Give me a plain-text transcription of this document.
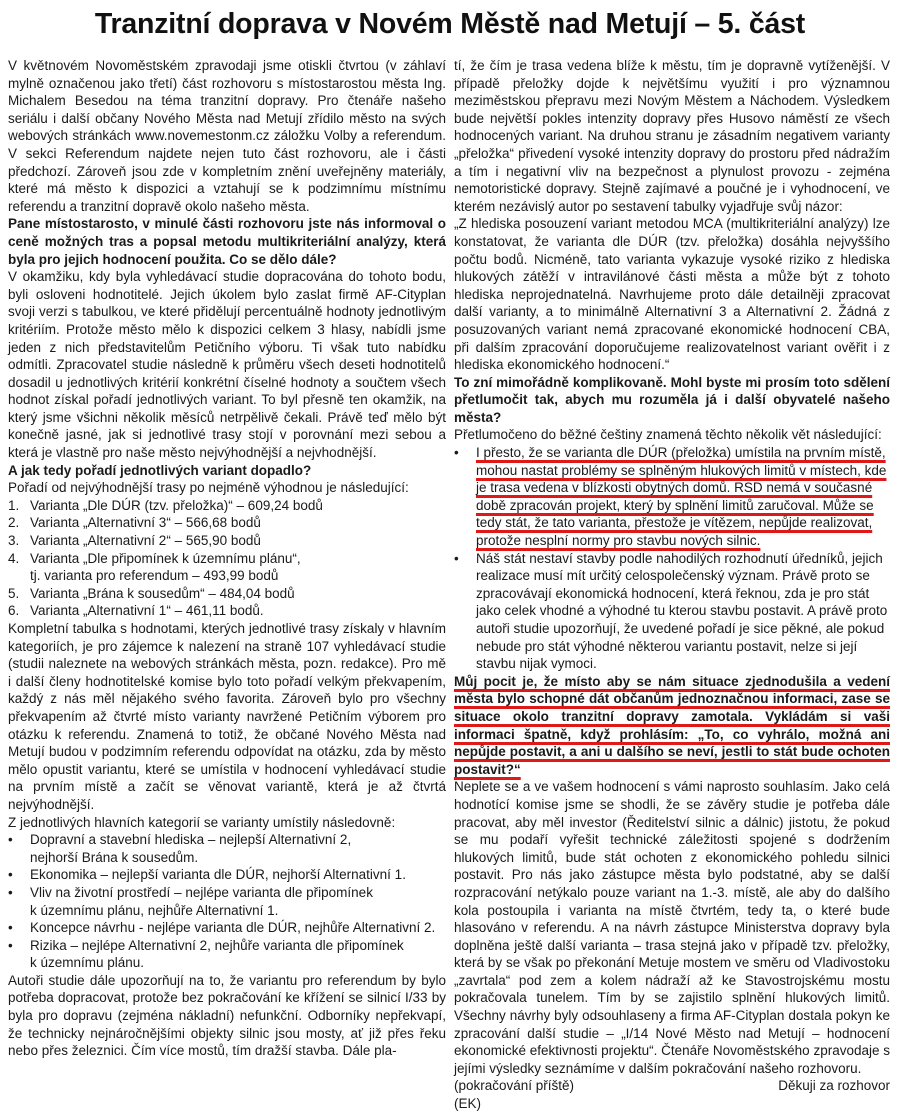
Tranzitní doprava v Novém Městě nad Metují – 5. část

V květnovém Novoměstském zpravodaji jsme otiskli čtvrtou (v záhlaví mylně označenou jako třetí) část rozhovoru s místostarostou města Ing. Michalem Besedou na téma tranzitní dopravy. Pro čtenáře našeho seriálu i další občany Nového Města nad Metují zřídilo město na svých webových stránkách www.novemestonm.cz záložku Volby a referendum. V sekci Referendum najdete nejen tuto část rozhovoru, ale i části předchozí. Zároveň jsou zde v kompletním znění uveřejněny materiály, které má město k dispozici a vztahují se k podzimnímu místnímu referendu a tranzitní dopravě okolo našeho města.

Pane místostarosto, v minulé části rozhovoru jste nás informoval o ceně možných tras a popsal metodu multikriteriální analýzy, která byla pro jejich hodnocení použita. Co se dělo dále?

V okamžiku, kdy byla vyhledávací studie dopracována do tohoto bodu, byli osloveni hodnotitelé. Jejich úkolem bylo zaslat firmě AF-Cityplan svoji verzi s tabulkou, ve které přidělují percentuálně hodnoty jednotlivým kritériím. Protože město mělo k dispozici celkem 3 hlasy, nabídli jsme jeden z nich představitelům Petičního výboru. Ti však tuto nabídku odmítli. Zpracovatel studie následně k průměru všech deseti hodnotitelů dosadil u jednotlivých kritérií konkrétní číselné hodnoty a součtem všech hodnot získal pořadí jednotlivých variant. To byl přesně ten okamžik, na který jsme všichni několik měsíců netrpělivě čekali. Právě teď mělo být konečně jasné, jak si jednotlivé trasy stojí v porovnání mezi sebou a která je vlastně pro naše město nejvýhodnější a nejvhodnější.

A jak tedy pořadí jednotlivých variant dopadlo?

Pořadí od nejvýhodnější trasy po nejméně výhodnou je následující:

1. Varianta „Dle DÚR (tzv. přeložka)“ – 609,24 bodů
2. Varianta „Alternativní 3“ – 566,68 bodů
3. Varianta „Alternativní 2“ – 565,90 bodů
4. Varianta „Dle připomínek k územnímu plánu“,
tj. varianta pro referendum – 493,99 bodů
5. Varianta „Brána k sousedům“ – 484,04 bodů
6. Varianta „Alternativní 1“ – 461,11 bodů.

Kompletní tabulka s hodnotami, kterých jednotlivé trasy získaly v hlavním kategoriích, je pro zájemce k nalezení na straně 107 vyhledávací studie (studii naleznete na webových stránkách města, pozn. redakce). Pro mě i další členy hodnotitelské komise bylo toto pořadí velkým překvapením, každý z nás měl nějakého svého favorita. Zároveň bylo pro všechny překvapením až čtvrté místo varianty navržené Petičním výborem pro otázku k referendu. Znamená to totiž, že občané Nového Města nad Metují budou v podzimním referendu odpovídat na otázku, zda by město mělo opustit variantu, které se umístila v hodnocení vyhledávací studie na prvním místě a začít se věnovat variantě, která je až čtvrtá nejvýhodnější.

Z jednotlivých hlavních kategorií se varianty umístily následovně:

•	Dopravní a stavební hlediska – nejlepší Alternativní 2,
nejhorší Brána k sousedům.
•	Ekonomika – nejlepší varianta dle DÚR, nejhorší Alternativní 1.
•	Vliv na životní prostředí – nejlépe varianta dle připomínek
k územnímu plánu, nejhůře Alternativní 1.
•	Koncepce návrhu - nejlépe varianta dle DÚR, nejhůře Alternativní 2.
•	Rizika – nejlépe Alternativní 2, nejhůře varianta dle připomínek
k územnímu plánu.

Autoři studie dále upozorňují na to, že variantu pro referendum by bylo potřeba dopracovat, protože bez pokračování ke křížení se silnicí I/33 by byla pro dopravu (zejména nákladní) nefunkční. Odborníky nepřekvapí, že technicky nejnáročnějšími objekty silnic jsou mosty, ať již přes řeku nebo přes železnici. Čím více mostů, tím dražší stavba. Dále pla-

tí, že čím je trasa vedena blíže k městu, tím je dopravně vytíženější. V případě přeložky dojde k největšímu využití i pro významnou meziměstskou přepravu mezi Novým Městem a Náchodem. Výsledkem bude největší pokles intenzity dopravy přes Husovo náměstí ze všech hodnocených variant. Na druhou stranu je zásadním negativem varianty „přeložka“ přivedení vysoké intenzity dopravy do prostoru před nádražím a tím i negativní vliv na bezpečnost a plynulost provozu - zejména nemotoristické dopravy. Stejně zajímavé a poučné je i vyhodnocení, ve kterém nezávislý autor po sestavení tabulky vyjadřuje svůj názor:

„Z hlediska posouzení variant metodou MCA (multikriteriální analýzy) lze konstatovat, že varianta dle DÚR (tzv. přeložka) dosáhla nejvyššího počtu bodů. Nicméně, tato varianta vykazuje vysoké riziko z hlediska hlukových zátěží v intravilánové části města a může být z tohoto hlediska neprojednatelná. Navrhujeme proto dále detailněji zpracovat další varianty, a to minimálně Alternativní 3 a Alternativní 2. Žádná z posuzovaných variant nemá zpracované ekonomické hodnocení CBA, při dalším zpracování doporučujeme realizovatelnost variant ověřit i z hlediska ekonomického hodnocení.“

To zní mimořádně komplikovaně. Mohl byste mi prosím toto sdělení přetlumočit tak, abych mu rozuměla já i další obyvatelé našeho města?

Přetlumočeno do běžné češtiny znamená těchto několik vět následující:

•	I přesto, že se varianta dle DÚR (přeložka) umístila na prvním místě, mohou nastat problémy se splněným hlukových limitů v místech, kde je trasa vedena v blízkosti obytných domů. RSD nemá v současné době zpracován projekt, který by splnění limitů zaručoval. Může se tedy stát, že tato varianta, přestože je vítězem, nepůjde realizovat, protože nesplní normy pro stavbu nových silnic.
•	Náš stát nestaví stavby podle nahodilých rozhodnutí úředníků, jejich realizace musí mít určitý celospolečenský význam. Právě proto se zpracovávají ekonomická hodnocení, která řeknou, zda je pro stát jako celek vhodné a výhodné tu kterou stavbu postavit. A právě proto autoři studie upozorňují, že uvedené pořadí je sice pěkné, ale pokud nebude pro stát výhodné některou variantu postavit, nelze si její stavbu nijak vymoci.

Můj pocit je, že místo aby se nám situace zjednodušila a vedení města bylo schopné dát občanům jednoznačnou informaci, zase se situace okolo tranzitní dopravy zamotala. Vykládám si vaši informaci špatně, když prohlásím: „To, co vyhrálo, možná ani nepůjde postavit, a ani u dalšího se neví, jestli to stát bude ochoten postavit?“

Neplete se a ve vašem hodnocení s vámi naprosto souhlasím. Jako celá hodnotící komise jsme se shodli, že se závěry studie je potřeba dále pracovat, aby měl investor (Ředitelství silnic a dálnic) jistotu, že pokud se mu podaří vyřešit technické záležitosti spojené s dodržením hlukových limitů, bude stát ochoten z ekonomického pohledu silnici postavit. Pro nás jako zástupce města bylo podstatné, aby se další rozpracování netýkalo pouze variant na 1.-3. místě, ale aby do dalšího kola postoupila i varianta na místě čtvrtém, tedy ta, o které bude hlasováno v referendu. A na návrh zástupce Ministerstva dopravy byla doplněna ještě další varianta – trasa stejná jako v případě tzv. přeložky, která by se však po překonání Metuje mostem ve směru od Vladivostoku „zavrtala“ pod zem a kolem nádraží až ke Stavostrojskému mostu pokračovala tunelem. Tím by se zajistilo splnění hlukových limitů. Všechny návrhy byly odsouhlaseny a firma AF-Cityplan dostala pokyn ke zpracování další studie – „I/14 Nové Město nad Metují – hodnocení ekonomické efektivnosti projektu“. Čtenáře Novoměstského zpravodaje s jejími výsledky seznámíme v dalším pokračování našeho rozhovoru.

(pokračování příště)	Děkuji za rozhovor

(EK)
